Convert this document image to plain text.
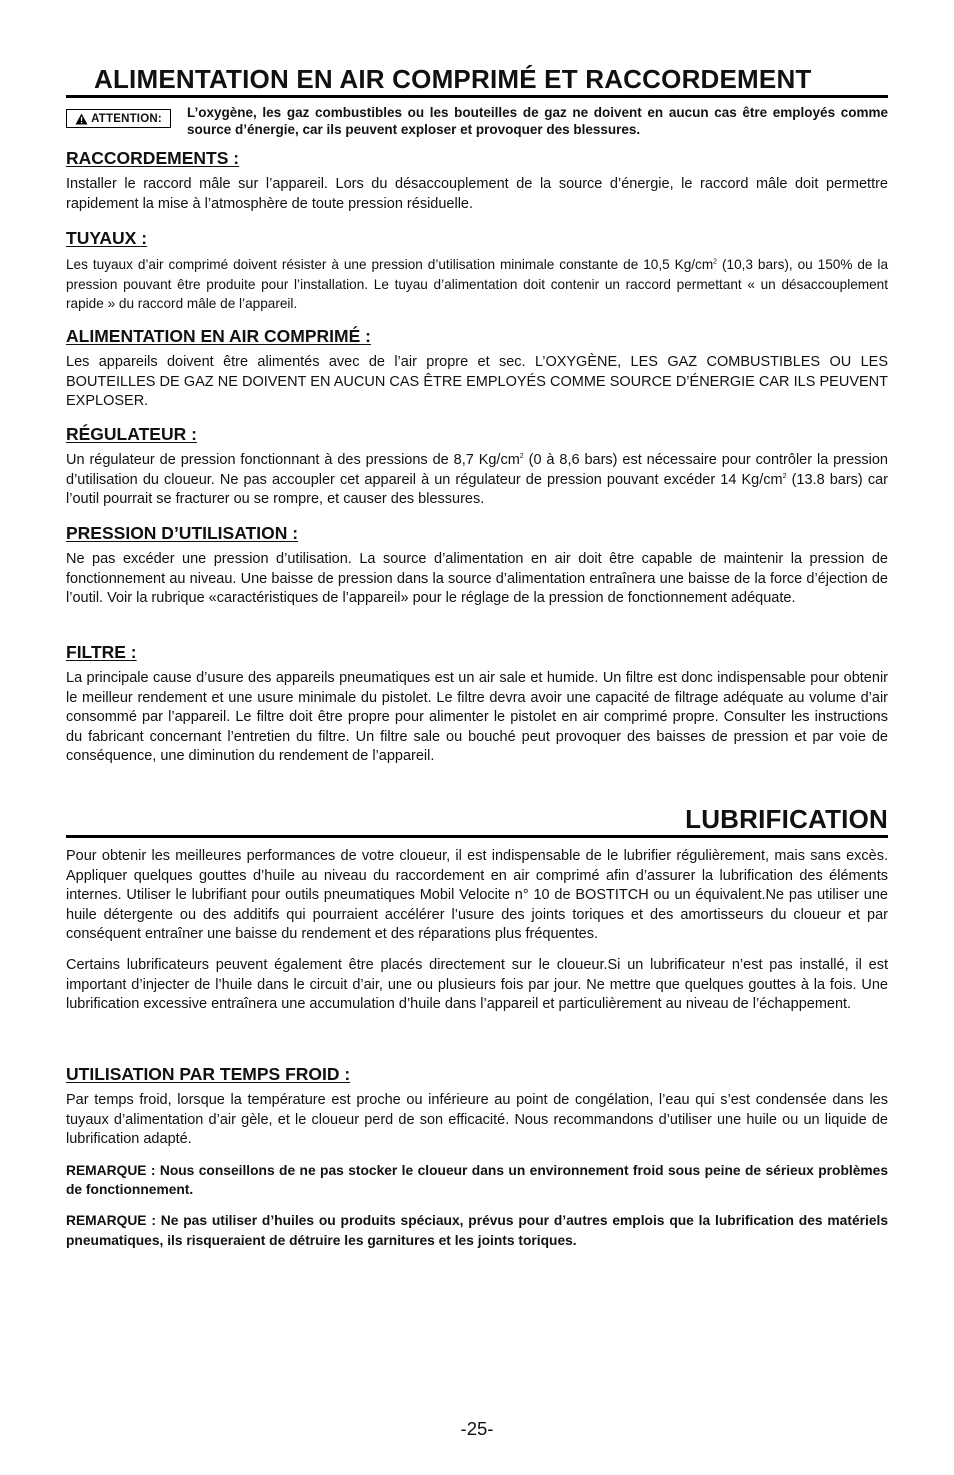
ALIMENTATION EN AIR COMPRIMÉ ET RACCORDEMENT
ATTENTION: L’oxygène, les gaz combustibles ou les bouteilles de gaz ne doivent en aucun cas être employés comme source d’énergie, car ils peuvent exploser et provoquer des blessures.
RACCORDEMENTS :

Installer le raccord mâle sur l’appareil. Lors du désaccouplement de la source d’énergie, le raccord mâle doit permettre rapidement la mise à l’atmosphère de toute pression résiduelle.

TUYAUX :

Les tuyaux d’air comprimé doivent résister à une pression d’utilisation minimale constante de 10,5 $Kg/cm^2$ (10,3 bars), ou 150% de la pression pouvant être produite pour l’installation. Le tuyau d’alimentation doit contenir un raccord permettant « un désaccouplement rapide » du raccord mâle de l’appareil.

ALIMENTATION EN AIR COMPRIMÉ :

Les appareils doivent être alimentés avec de l’air propre et sec. L’OXYGÈNE, LES GAZ COMBUSTIBLES OU LES BOUTEILLES DE GAZ NE DOIVENT EN AUCUN CAS ÊTRE EMPLOYÉS COMME SOURCE D’ÉNERGIE CAR ILS PEUVENT EXPLOSER.

RÉGULATEUR :

Un régulateur de pression fonctionnant à des pressions de 8,7 $Kg/cm^2$ (0 à 8,6 bars) est nécessaire pour contrôler la pression d’utilisation du cloueur. Ne pas accoupler cet appareil à un régulateur de pression pouvant excéder 14 $Kg/cm^2$ (13.8 bars) car l’outil pourrait se fracturer ou se rompre, et causer des blessures.

PRESSION D’UTILISATION :

Ne pas excéder une pression d’utilisation. La source d’alimentation en air doit être capable de maintenir la pression de fonctionnement au niveau. Une baisse de pression dans la source d’alimentation entraînera une baisse de la force d’éjection de l’outil. Voir la rubrique «caractéristiques de l’appareil» pour le réglage de la pression de fonctionnement adéquate.

FILTRE :

La principale cause d’usure des appareils pneumatiques est un air sale et humide. Un filtre est donc indispensable pour obtenir le meilleur rendement et une usure minimale du pistolet. Le filtre devra avoir une capacité de filtrage adéquate au volume d’air consommé par l’appareil. Le filtre doit être propre pour alimenter le pistolet en air comprimé propre. Consulter les instructions du fabricant concernant l’entretien du filtre. Un filtre sale ou bouché peut provoquer des baisses de pression et par voie de conséquence, une diminution du rendement de l’appareil.

LUBRIFICATION

Pour obtenir les meilleures performances de votre cloueur, il est indispensable de le lubrifier régulièrement, mais sans excès. Appliquer quelques gouttes d’huile au niveau du raccordement en air comprimé afin d’assurer la lubrification des éléments internes. Utiliser le lubrifiant pour outils pneumatiques Mobil Velocite n° 10 de BOSTITCH ou un équivalent.Ne pas utiliser une huile détergente ou des additifs qui pourraient accélérer l’usure des joints toriques et des amortisseurs du cloueur et par conséquent entraîner une baisse du rendement et des réparations plus fréquentes.

Certains lubrificateurs peuvent également être placés directement sur le cloueur.Si un lubrificateur n’est pas installé, il est important d’injecter de l’huile dans le circuit d’air, une ou plusieurs fois par jour. Ne mettre que quelques gouttes à la fois. Une lubrification excessive entraînera une accumulation d’huile dans l’appareil et particulièrement au niveau de l’échappement.

UTILISATION PAR TEMPS FROID :

Par temps froid, lorsque la température est proche ou inférieure au point de congélation, l’eau qui s’est condensée dans les tuyaux d’alimentation d’air gèle, et le cloueur perd de son efficacité. Nous recommandons d’utiliser une huile ou un liquide de lubrification adapté.

REMARQUE : Nous conseillons de ne pas stocker le cloueur dans un environnement froid sous peine de sérieux problèmes de fonctionnement.

REMARQUE : Ne pas utiliser d’huiles ou produits spéciaux, prévus pour d’autres emplois que la lubrification des matériels pneumatiques, ils risqueraient de détruire les garnitures et les joints toriques.

-25-
